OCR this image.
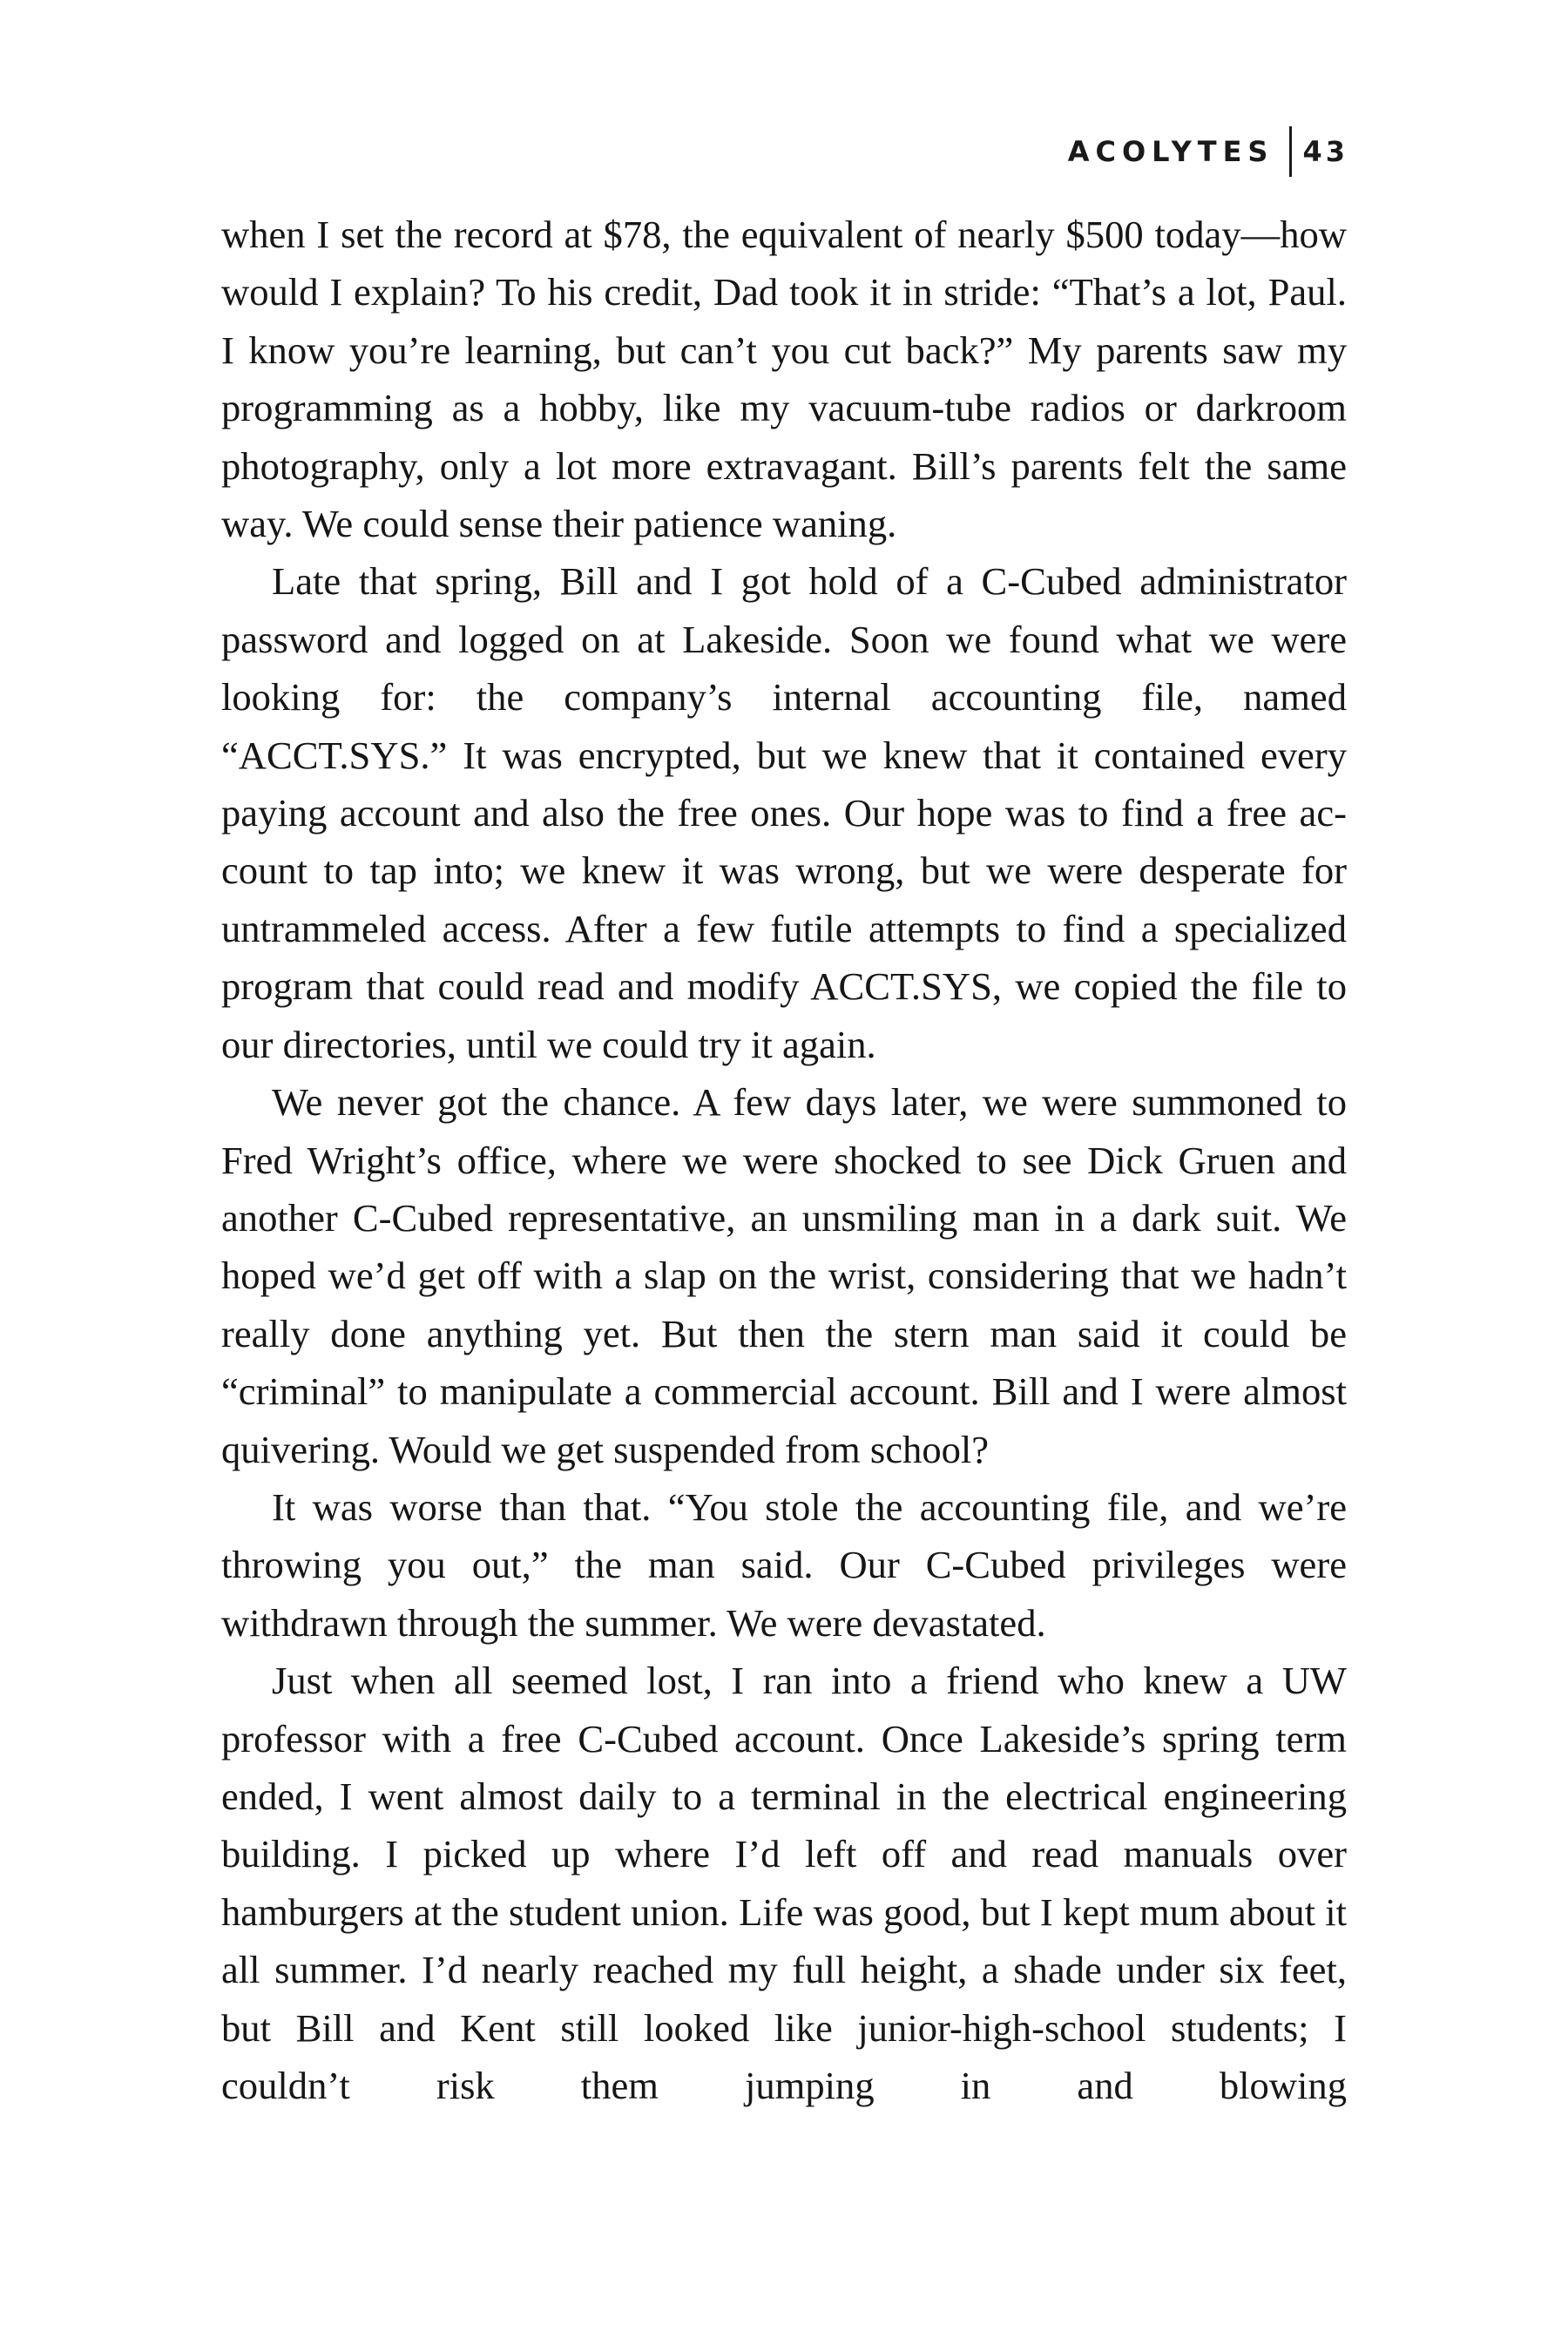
ACOLYTES 43

when I set the record at $78, the equivalent of nearly $500 today—how would I explain? To his credit, Dad took it in stride: “That’s a lot, Paul. I know you’re learning, but can’t you cut back?” My parents saw my programming as a hobby, like my vacuum-tube radios or darkroom photography, only a lot more extravagant. Bill’s parents felt the same way. We could sense their patience waning.

Late that spring, Bill and I got hold of a C-Cubed administrator password and logged on at Lakeside. Soon we found what we were looking for: the company’s internal accounting file, named “ACCT.SYS.” It was encrypted, but we knew that it contained every paying account and also the free ones. Our hope was to find a free account to tap into; we knew it was wrong, but we were desperate for untrammeled access. After a few futile attempts to find a specialized program that could read and modify ACCT.SYS, we copied the file to our directories, until we could try it again.

We never got the chance. A few days later, we were summoned to Fred Wright’s office, where we were shocked to see Dick Gruen and another C-Cubed representative, an unsmiling man in a dark suit. We hoped we’d get off with a slap on the wrist, considering that we hadn’t really done anything yet. But then the stern man said it could be “criminal” to manipulate a commercial account. Bill and I were almost quivering. Would we get suspended from school?

It was worse than that. “You stole the accounting file, and we’re throwing you out,” the man said. Our C-Cubed privileges were withdrawn through the summer. We were devastated.

Just when all seemed lost, I ran into a friend who knew a UW professor with a free C-Cubed account. Once Lakeside’s spring term ended, I went almost daily to a terminal in the electrical engineering building. I picked up where I’d left off and read manuals over hamburgers at the student union. Life was good, but I kept mum about it all summer. I’d nearly reached my full height, a shade under six feet, but Bill and Kent still looked like junior-high-school students; I couldn’t risk them jumping in and blowing
